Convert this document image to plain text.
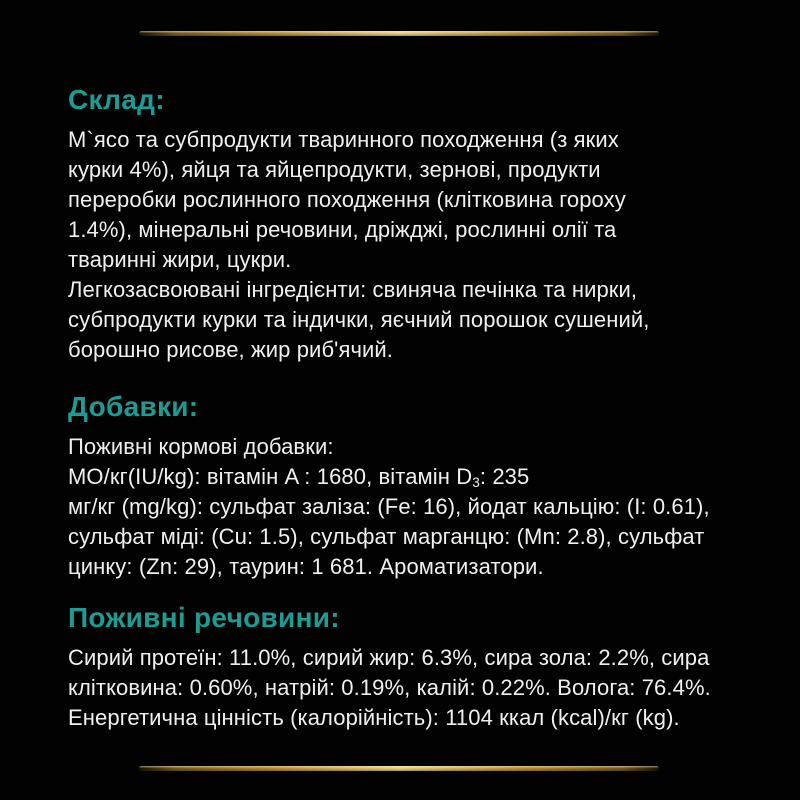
Склад:
М`ясо та субпродукти тваринного походження (з яких
курки 4%), яйця та яйцепродукти, зернові, продукти
переробки рослинного походження (клітковина гороху
1.4%), мінеральні речовини, дріжджі, рослинні олії та
тваринні жири, цукри.
Легкозасвоювані інгредієнти: свиняча печінка та нирки,
субпродукти курки та індички, яєчний порошок сушений,
борошно рисове, жир риб'ячий.
Добавки:
Поживні кормові добавки:
МО/кг(IU/kg): вітамін A : 1680, вітамін $D_3$: 235
мг/кг (mg/kg): сульфат заліза: (Fe: 16), йодат кальцію: (I: 0.61),
сульфат міді: (Cu: 1.5), сульфат марганцю: (Mn: 2.8), сульфат
цинку: (Zn: 29), таурин: 1 681. Ароматизатори.
Поживні речовини:
Сирий протеїн: 11.0%, сирий жир: 6.3%, сира зола: 2.2%, сира
клітковина: 0.60%, натрій: 0.19%, калій: 0.22%. Волога: 76.4%.
Енергетична цінність (калорійність): 1104 ккал (kcal)/кг (kg).
